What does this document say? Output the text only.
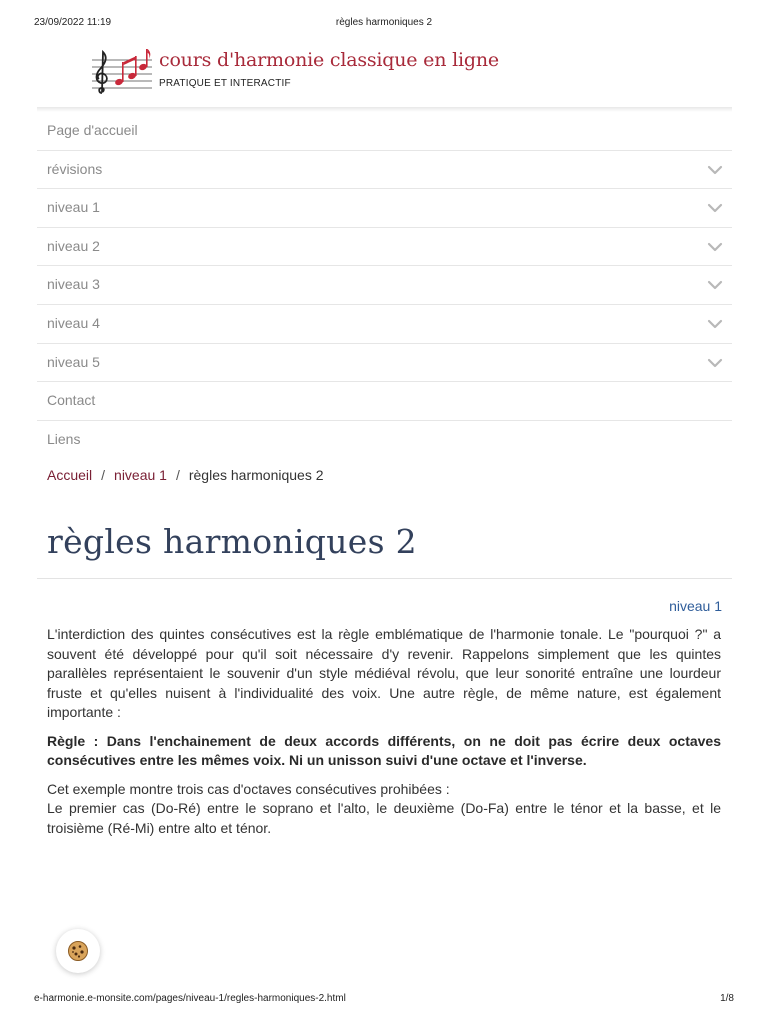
23/09/2022 11:19	règles harmoniques 2
cours d'harmonie classique en ligne
PRATIQUE ET INTERACTIF
Page d'accueil
révisions
niveau 1
niveau 2
niveau 3
niveau 4
niveau 5
Contact
Liens
Accueil / niveau 1 / règles harmoniques 2
règles harmoniques 2
niveau 1

L'interdiction des quintes consécutives est la règle emblématique de l'harmonie tonale. Le "pourquoi ?" a souvent été développé pour qu'il soit nécessaire d'y revenir. Rappelons simplement que les quintes parallèles représentaient le souvenir d'un style médiéval révolu, que leur sonorité entraîne une lourdeur fruste et qu'elles nuisent à l'individualité des voix. Une autre règle, de même nature, est également importante :

Règle : Dans l'enchainement de deux accords différents, on ne doit pas écrire deux octaves consécutives entre les mêmes voix. Ni un unisson suivi d'une octave et l'inverse.

Cet exemple montre trois cas d'octaves consécutives prohibées :
Le premier cas (Do-Ré) entre le soprano et l'alto, le deuxième (Do-Fa) entre le ténor et la basse, et le troisième (Ré-Mi) entre alto et ténor.

e-harmonie.e-monsite.com/pages/niveau-1/regles-harmoniques-2.html	1/8
